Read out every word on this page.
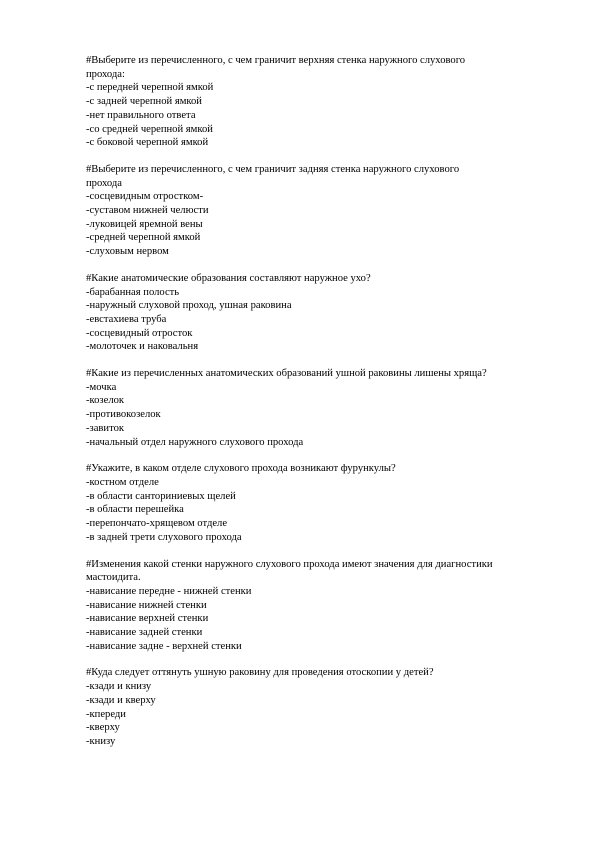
#Выберите из перечисленного, с чем граничит верхняя стенка наружного слухового
прохода:
-с передней черепной ямкой
-с задней черепной ямкой
-нет правильного ответа
-со средней черепной ямкой
-с боковой черепной ямкой
#Выберите из перечисленного, с чем граничит задняя стенка наружного слухового
прохода
-сосцевидным отростком-
-суставом нижней челюсти
-луковицей яремной вены
-средней черепной ямкой
-слуховым нервом
#Какие анатомические образования составляют наружное ухо?
-барабанная полость
-наружный слуховой проход, ушная раковина
-евстахиева труба
-сосцевидный отросток
-молоточек и наковальня
#Какие из перечисленных анатомических образований ушной раковины лишены хряща?
-мочка
-козелок
-противокозелок
-завиток
-начальный отдел наружного слухового прохода
#Укажите, в каком отделе слухового прохода возникают фурункулы?
-костном отделе
-в области санториниевых щелей
-в области перешейка
-перепончато-хрящевом отделе
-в задней трети слухового прохода
#Изменения какой стенки наружного слухового прохода имеют значения для диагностики
мастоидита.
-нависание передне - нижней стенки
-нависание нижней стенки
-нависание верхней стенки
-нависание задней стенки
-нависание задне - верхней стенки
#Куда следует оттянуть ушную раковину для проведения отоскопии у детей?
-кзади и книзу
-кзади и кверху
-кпереди
-кверху
-книзу
